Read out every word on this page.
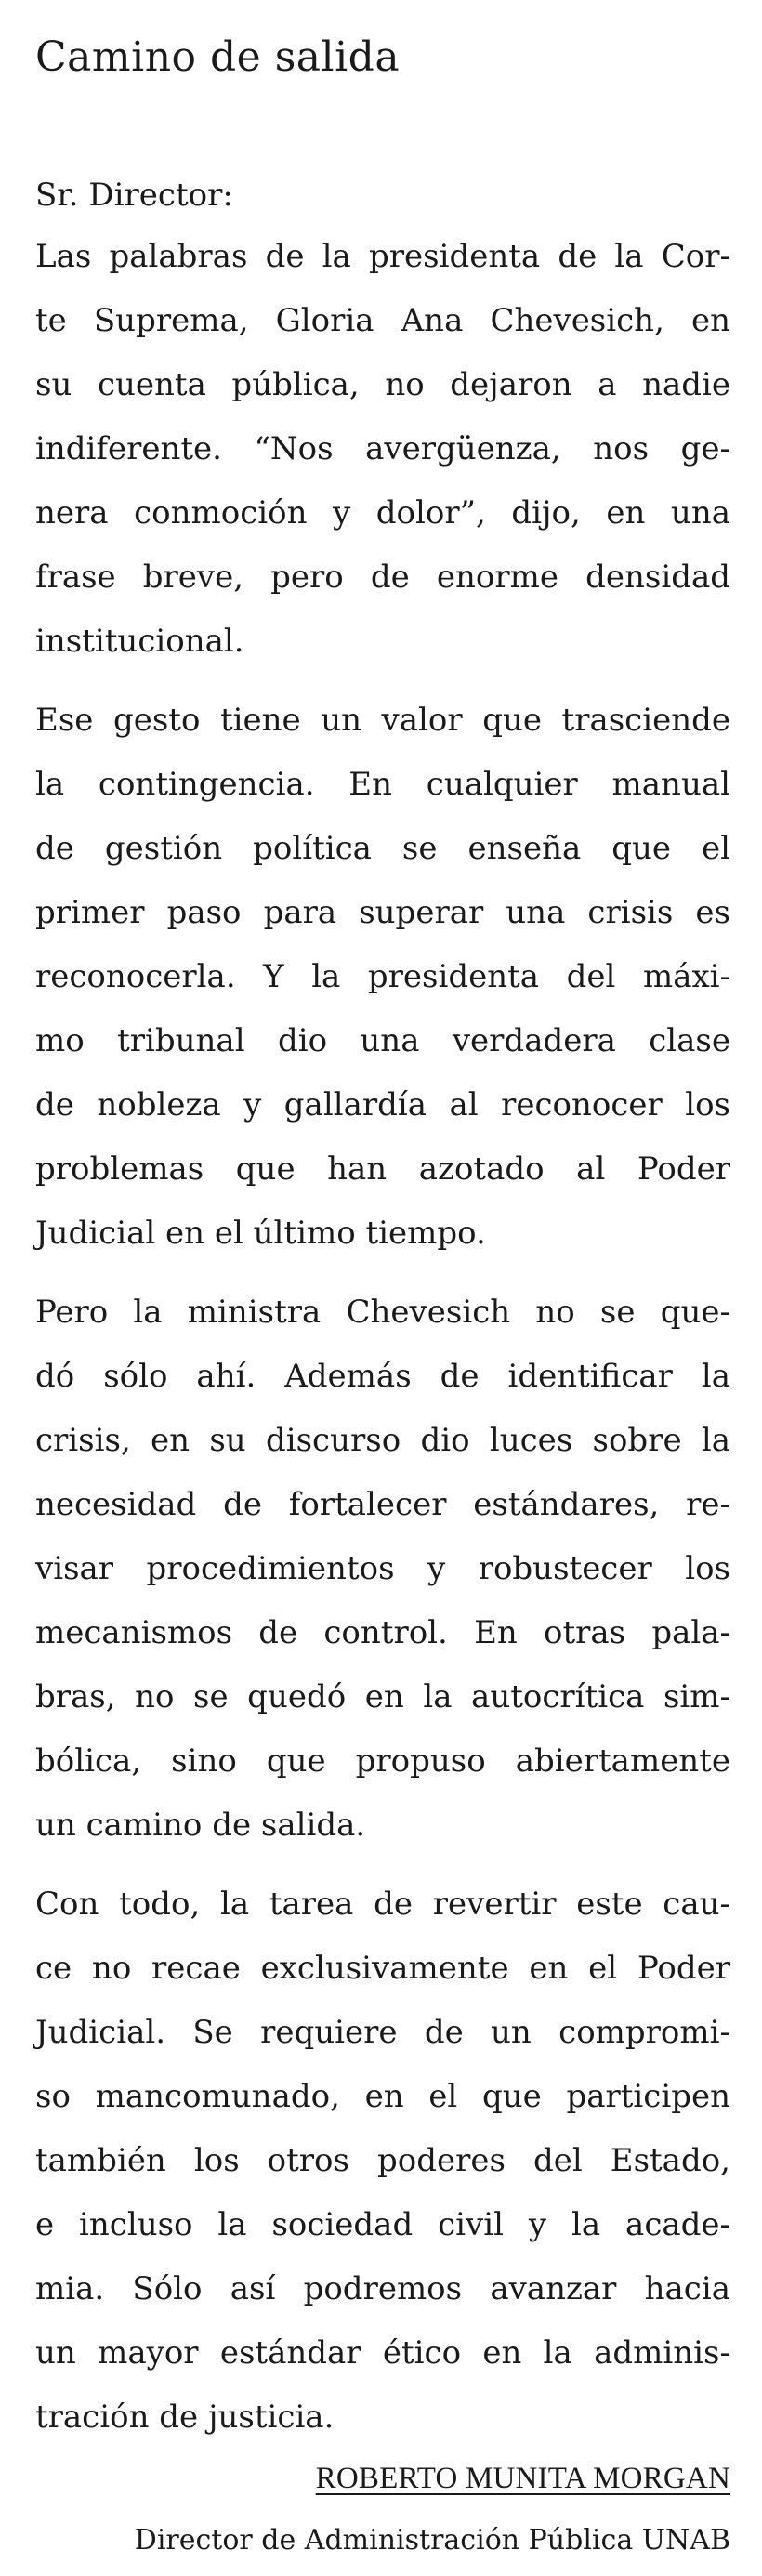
Camino de salida

Sr. Director:

Las palabras de la presidenta de la Cor-
te Suprema, Gloria Ana Chevesich, en
su cuenta pública, no dejaron a nadie
indiferente. “Nos avergüenza, nos ge-
nera conmoción y dolor”, dijo, en una
frase breve, pero de enorme densidad
institucional.

Ese gesto tiene un valor que trasciende
la contingencia. En cualquier manual
de gestión política se enseña que el
primer paso para superar una crisis es
reconocerla. Y la presidenta del máxi-
mo tribunal dio una verdadera clase
de nobleza y gallardía al reconocer los
problemas que han azotado al Poder
Judicial en el último tiempo.

Pero la ministra Chevesich no se que-
dó sólo ahí. Además de identificar la
crisis, en su discurso dio luces sobre la
necesidad de fortalecer estándares, re-
visar procedimientos y robustecer los
mecanismos de control. En otras pala-
bras, no se quedó en la autocrítica sim-
bólica, sino que propuso abiertamente
un camino de salida.

Con todo, la tarea de revertir este cau-
ce no recae exclusivamente en el Poder
Judicial. Se requiere de un compromi-
so mancomunado, en el que participen
también los otros poderes del Estado,
e incluso la sociedad civil y la acade-
mia. Sólo así podremos avanzar hacia
un mayor estándar ético en la adminis-
tración de justicia.

ROBERTO MUNITA MORGAN

Director de Administración Pública UNAB
